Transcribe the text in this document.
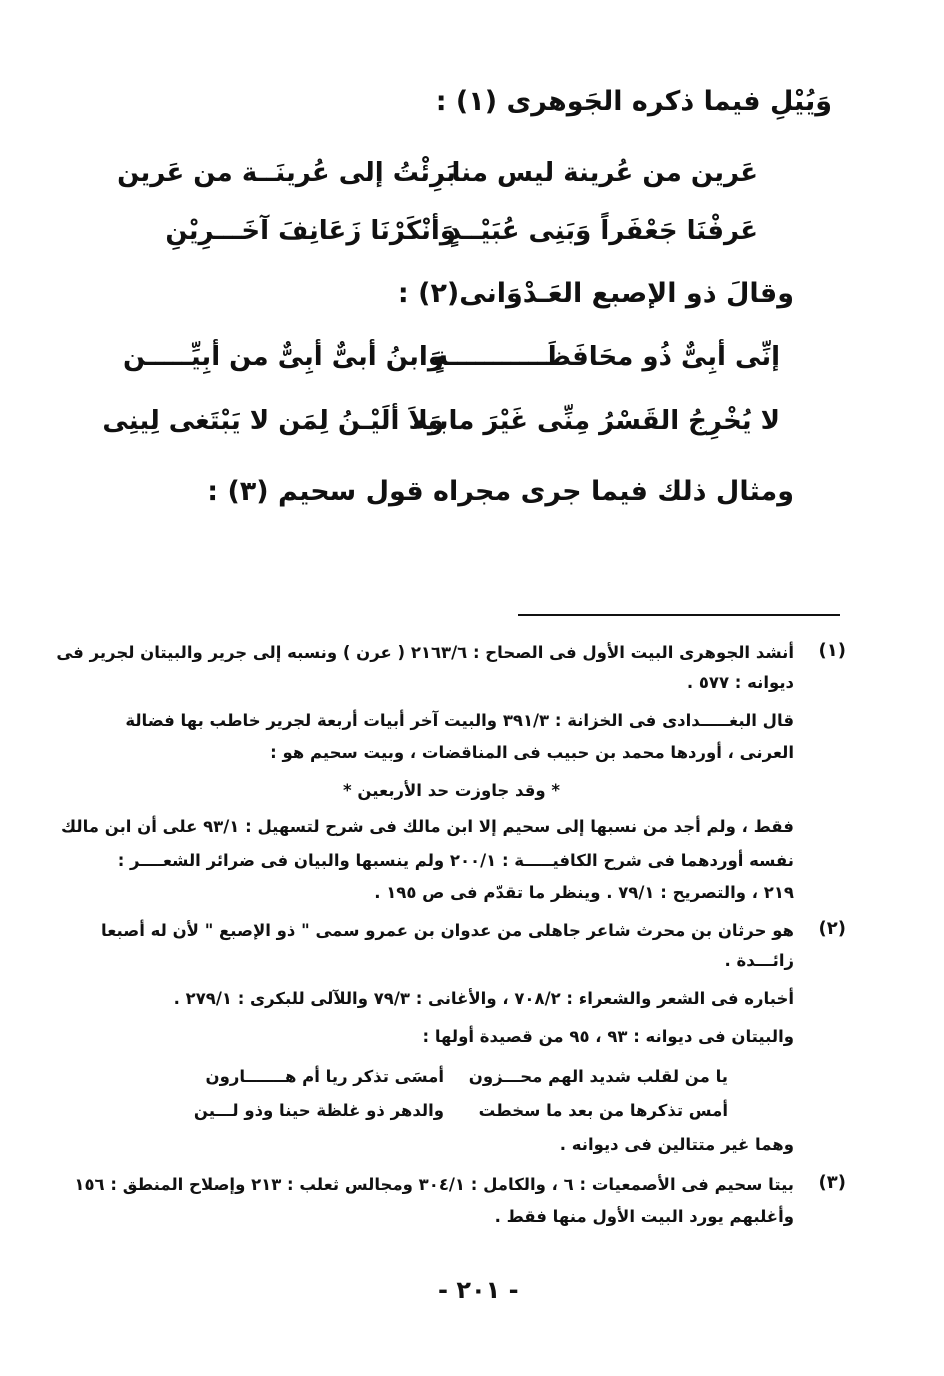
وَيُيْلِ فيما ذكره الجَوهرى (١) :
عَرين من عُرينة ليس منا
بَرِئْتُ إلى عُرينَــة من عَرين
عَرفْنَا جَعْفَراً وَبَنِى عُبَيْــدٍ
وَأنْكَرْنَا زَعَانِفَ آخَـــرِيْنِ
وقالَ ذو الإصبع العَـدْوَانى(٢) :
إنِّى أبِىٌّ ذُو محَافَظَـــــــــــةٍ
وَابنُ أبىٌّ أبِىٌّ من أبِيِّـــــن
لا يُخْرِجُ القَسْرُ مِنِّى غَيْرَ مابيه
وَلاَ ألَيْـنُ لِمَن لا يَبْتَغى لِينِى
ومثال ذلك فيما جرى مجراه قول سحيم (٣) :
(١)
أنشد الجوهرى البيت الأول فى الصحاح : ٢١٦٣/٦ ( عرن ) ونسبه إلى جرير والبيتان لجرير فى
ديوانه : ٥٧٧ .
قال البغـــــدادى فى الخزانة : ٣٩١/٣ والبيت آخر أبيات أربعة لجرير خاطب بها فضالة
العرنى ، أوردها محمد بن حبيب فى المناقضات ، وبيت سحيم هو :
* وقد جاوزت حد الأربعين *
فقط ، ولم أجد من نسبها إلى سحيم إلا ابن مالك فى شرح لتسهيل : ٩٣/١ على أن ابن مالك
نفسه أوردهما فى شرح الكافيـــــة : ٢٠٠/١ ولم ينسبها والبيان فى ضرائر الشعــــر :
٢١٩ ، والتصريح : ٧٩/١ . وينظر ما تقدّم فى ص ١٩٥ .
(٢)
هو حرثان بن محرث شاعر جاهلى من عدوان بن عمرو سمى " ذو الإصبع " لأن له أصبعا
زائـــدة .
أخباره فى الشعر والشعراء : ٧٠٨/٢ ، والأغانى : ٧٩/٣ واللآلى للبكرى : ٢٧٩/١ .
والبيتان فى ديوانه : ٩٣ ، ٩٥ من قصيدة أولها :
يا من لقلب شديد الهم محـــزون
أمسَى تذكر ريا أم هـــــــارون
أمس تذكرها من بعد ما سخطت
والدهر ذو غلظة حينا وذو لـــين
وهما غير متتالين فى ديوانه .
(٣)
بيتا سحيم فى الأصمعيات : ٦ ، والكامل : ٣٠٤/١ ومجالس ثعلب : ٢١٣ وإصلاح المنطق : ١٥٦
وأغلبهم يورد البيت الأول منها فقط .
- ٢٠١ -
